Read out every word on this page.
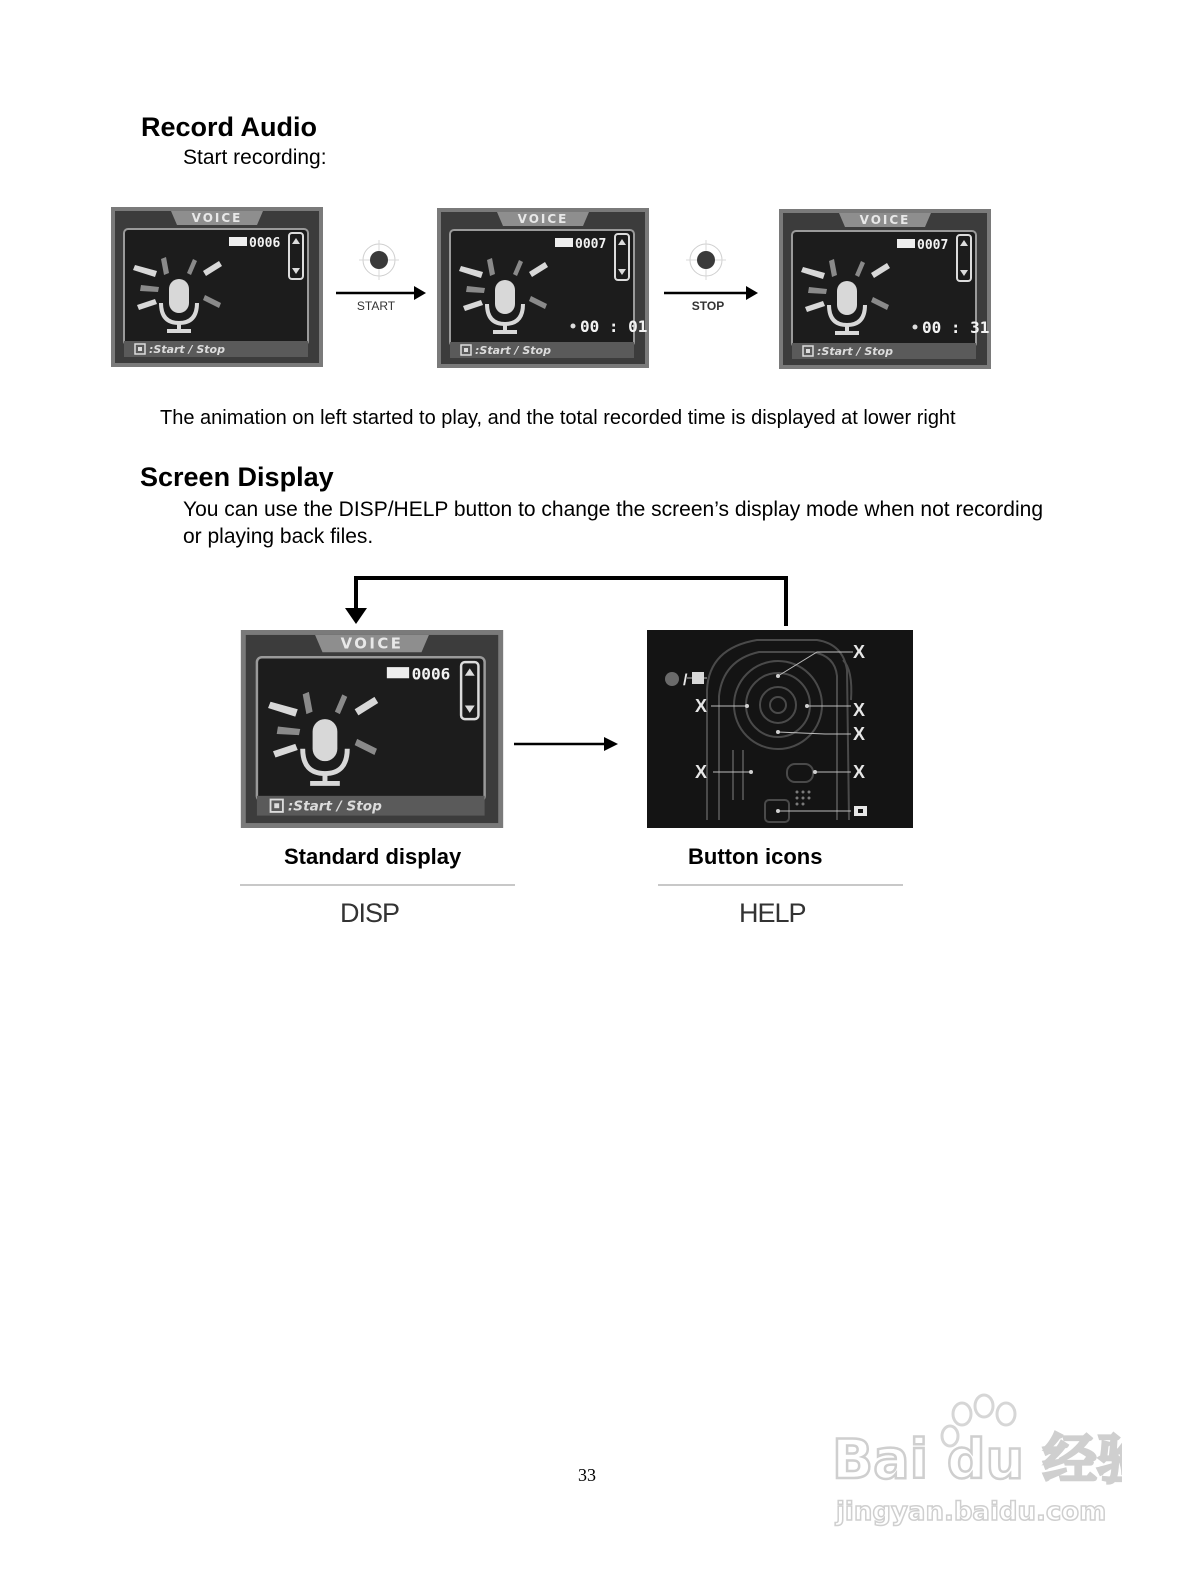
Record Audio
Start recording:
VOICE
0006
:Start / Stop
START
VOICE
0007
00 : 01
:Start / Stop
STOP
VOICE
0007
00 : 31
:Start / Stop
The animation on left started to play, and the total recorded time is displayed at lower right
Screen Display
You can use the DISP/HELP button to change the screen’s display mode when not recording or playing back files.
VOICE
0006
:Start / Stop
X
X	X
X
X	X
/
Standard display	Button icons
DISP	HELP
33	Bai du 经验
jingyan.baidu.com
